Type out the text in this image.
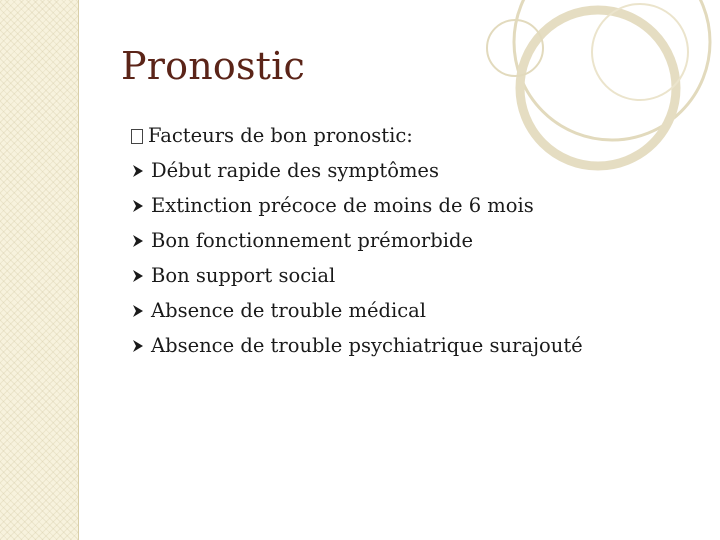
Pronostic
Facteurs de bon pronostic:
Début rapide des symptômes
Extinction précoce de moins de 6 mois
Bon fonctionnement prémorbide
Bon support social
Absence de trouble médical
Absence de trouble psychiatrique surajouté
